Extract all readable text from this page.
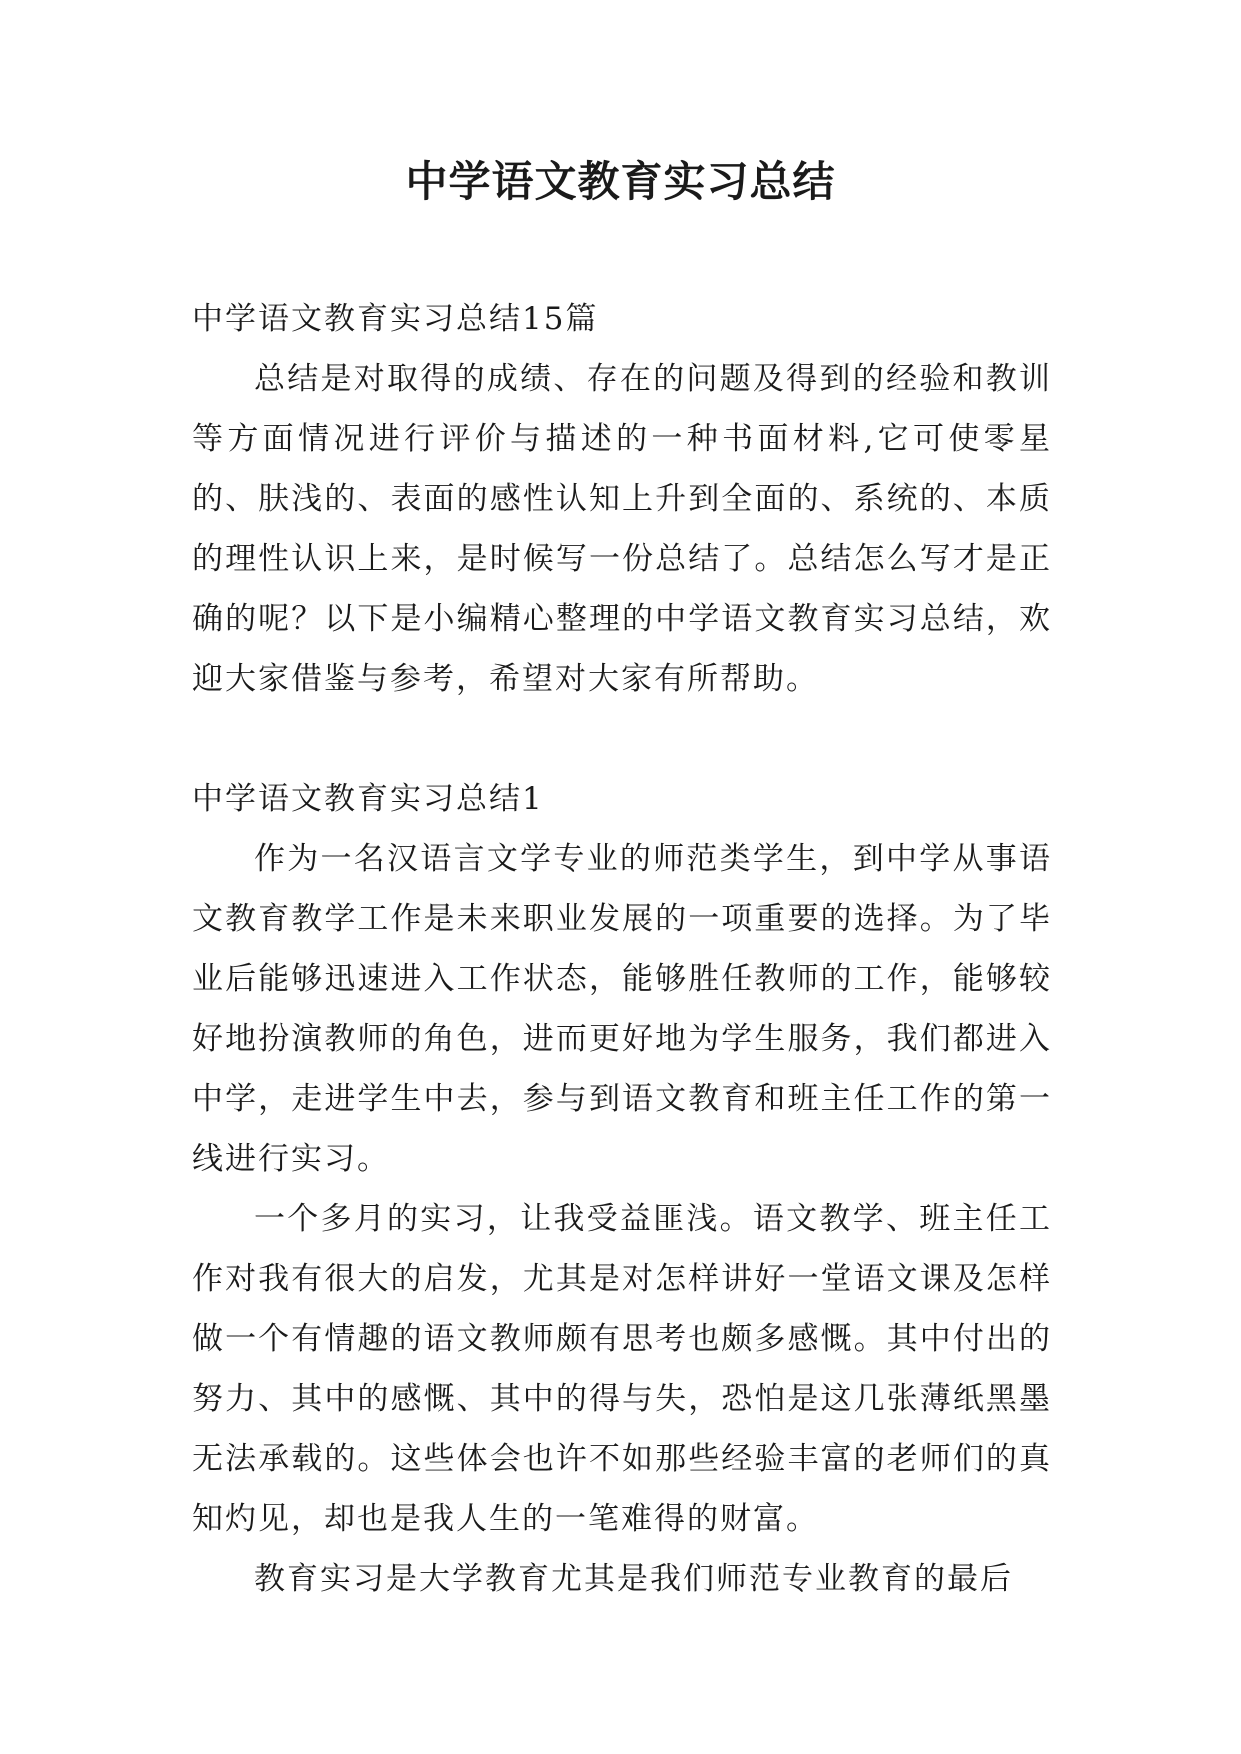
中学语文教育实习总结

中学语文教育实习总结15篇

总结是对取得的成绩、存在的问题及得到的经验和教训等方面情况进行评价与描述的一种书面材料,它可使零星的、肤浅的、表面的感性认知上升到全面的、系统的、本质的理性认识上来，是时候写一份总结了。总结怎么写才是正确的呢？以下是小编精心整理的中学语文教育实习总结，欢迎大家借鉴与参考，希望对大家有所帮助。

中学语文教育实习总结1

作为一名汉语言文学专业的师范类学生，到中学从事语文教育教学工作是未来职业发展的一项重要的选择。为了毕业后能够迅速进入工作状态，能够胜任教师的工作，能够较好地扮演教师的角色，进而更好地为学生服务，我们都进入中学，走进学生中去，参与到语文教育和班主任工作的第一线进行实习。

一个多月的实习，让我受益匪浅。语文教学、班主任工作对我有很大的启发，尤其是对怎样讲好一堂语文课及怎样做一个有情趣的语文教师颇有思考也颇多感慨。其中付出的努力、其中的感慨、其中的得与失，恐怕是这几张薄纸黑墨无法承载的。这些体会也许不如那些经验丰富的老师们的真知灼见，却也是我人生的一笔难得的财富。

教育实习是大学教育尤其是我们师范专业教育的最后
